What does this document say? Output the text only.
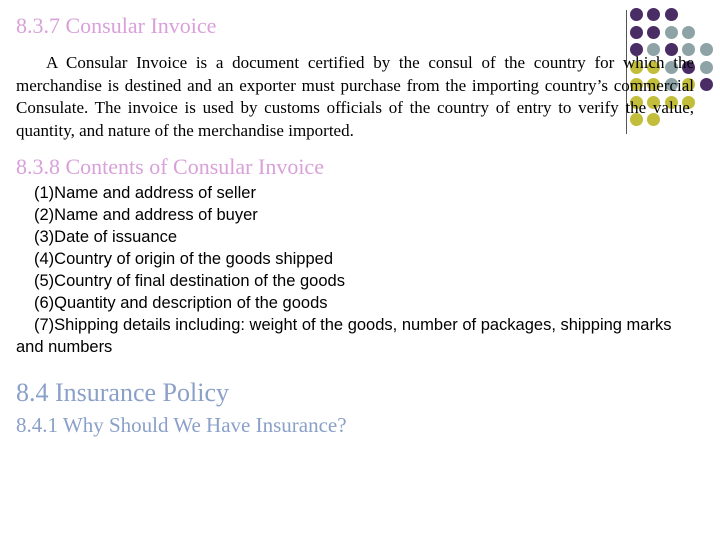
8.3.7 Consular Invoice

A Consular Invoice is a document certified by the consul of the country for which the merchandise is destined and an exporter must purchase from the importing country’s commercial Consulate. The invoice is used by customs officials of the country of entry to verify the value, quantity, and nature of the merchandise imported.

8.3.8 Contents of Consular Invoice
(1)Name and address of seller
(2)Name and address of buyer
(3)Date of issuance
(4)Country of origin of the goods shipped
(5)Country of final destination of the goods
(6)Quantity and description of the goods
(7)Shipping details including: weight of the goods, number of packages, shipping marks and numbers
8.4 Insurance Policy
8.4.1 Why Should We Have Insurance?
